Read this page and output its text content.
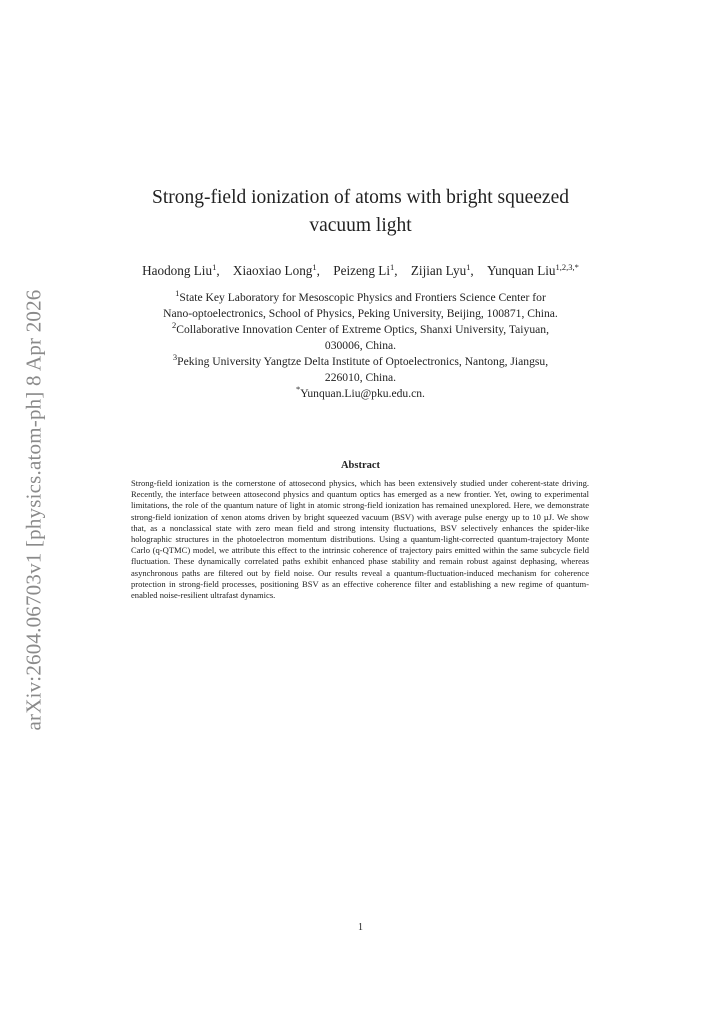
arXiv:2604.06703v1 [physics.atom-ph] 8 Apr 2026
Strong-field ionization of atoms with bright squeezed
vacuum light
Haodong Liu$^1$, Xiaoxiao Long$^1$, Peizeng Li$^1$, Zijian Lyu$^1$, Yunquan Liu$^{1,2,3,*}$
$^1$State Key Laboratory for Mesoscopic Physics and Frontiers Science Center for
Nano-optoelectronics, School of Physics, Peking University, Beijing, 100871, China.
$^2$Collaborative Innovation Center of Extreme Optics, Shanxi University, Taiyuan,
030006, China.
$^3$Peking University Yangtze Delta Institute of Optoelectronics, Nantong, Jiangsu,
226010, China.
*Yunquan.Liu@pku.edu.cn.
Abstract
Strong-field ionization is the cornerstone of attosecond physics, which has been extensively studied under coherent-state driving. Recently, the interface between attosecond physics and quantum optics has emerged as a new frontier. Yet, owing to experimental limitations, the role of the quantum nature of light in atomic strong-field ionization has remained unexplored. Here, we demonstrate strong-field ionization of xenon atoms driven by bright squeezed vacuum (BSV) with average pulse energy up to 10 µJ. We show that, as a nonclassical state with zero mean field and strong intensity fluctuations, BSV selectively enhances the spider-like holographic structures in the photoelectron momentum distributions. Using a quantum-light-corrected quantum-trajectory Monte Carlo (q-QTMC) model, we attribute this effect to the intrinsic coherence of trajectory pairs emitted within the same subcycle field fluctuation. These dynamically correlated paths exhibit enhanced phase stability and remain robust against dephasing, whereas asynchronous paths are filtered out by field noise. Our results reveal a quantum-fluctuation-induced mechanism for coherence protection in strong-field processes, positioning BSV as an effective coherence filter and establishing a new regime of quantum-enabled noise-resilient ultrafast dynamics.
1
